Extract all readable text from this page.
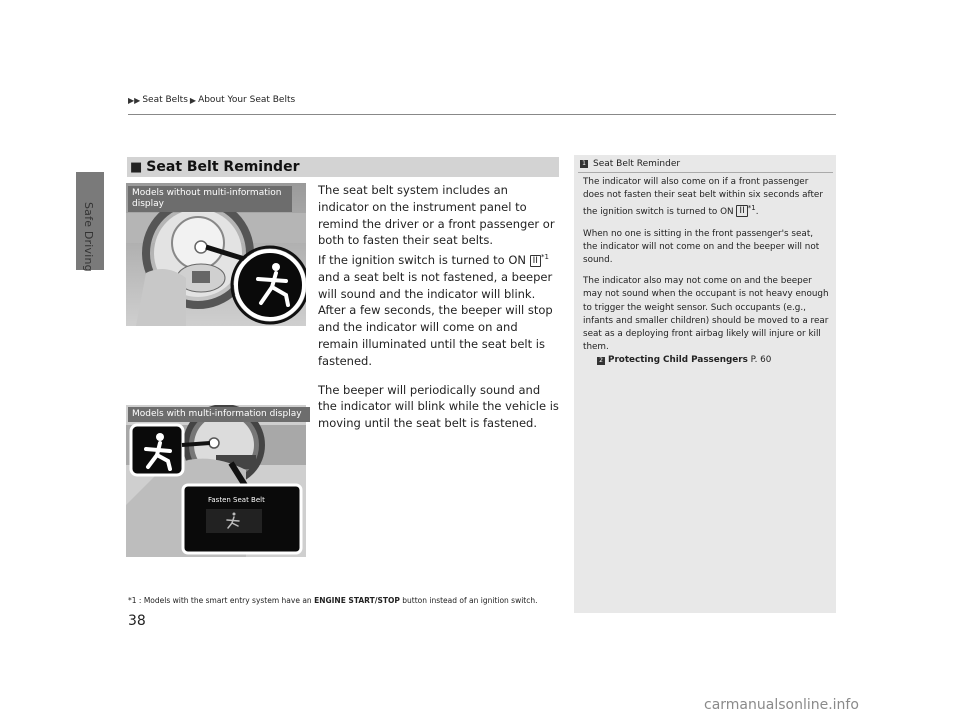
Safe Driving
▶▶ Seat Belts ▶ About Your Seat Belts
■ Seat Belt Reminder
Models without multi-information display
Fasten Seat Belt
Models with multi-information display

The seat belt system includes an indicator on the instrument panel to remind the driver or a front passenger or both to fasten their seat belts.
If the ignition switch is turned to ON II $^{*1}$ and a seat belt is not fastened, a beeper will sound and the indicator will blink. After a few seconds, the beeper will stop and the indicator will come on and remain illuminated until the seat belt is fastened.

The beeper will periodically sound and the indicator will blink while the vehicle is moving until the seat belt is fastened.

*1 : Models with the smart entry system have an ENGINE START/STOP button instead of an ignition switch.
1 Seat Belt Reminder

The indicator will also come on if a front passenger does not fasten their seat belt within six seconds after the ignition switch is turned to ON II $^{*1}$.

When no one is sitting in the front passenger's seat, the indicator will not come on and the beeper will not sound.

The indicator also may not come on and the beeper may not sound when the occupant is not heavy enough to trigger the weight sensor. Such occupants (e.g., infants and smaller children) should be moved to a rear seat as a deploying front airbag likely will injure or kill them.
2 Protecting Child Passengers P. 60

38
carmanualsonline.info
